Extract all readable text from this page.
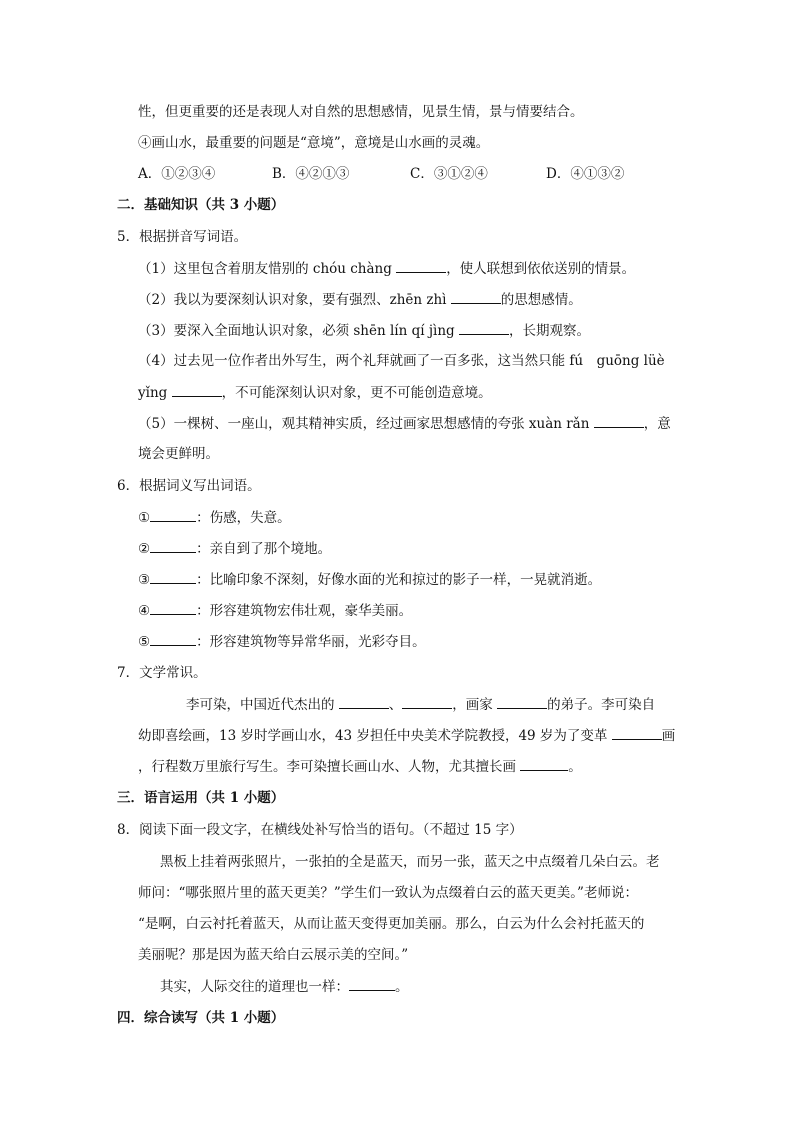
性，但更重要的还是表现人对自然的思想感情，见景生情，景与情要结合。
④画山水，最重要的问题是“意境”，意境是山水画的灵魂。
A．①②③④	B．④②①③	C．③①②④	D．④①③②
二．基础知识（共 3 小题）
5．根据拼音写词语。
（1）这里包含着朋友惜别的 chóu chàng	，使人联想到依依送别的情景。
（2）我以为要深刻认识对象，要有强烈、zhēn zhì	的思想感情。
（3）要深入全面地认识对象，必须 shēn lín qí jìng	，长期观察。
（4）过去见一位作者出外写生，两个礼拜就画了一百多张，这当然只能 fú　guōng lüè
yǐng	，不可能深刻认识对象，更不可能创造意境。
（5）一棵树、一座山，观其精神实质，经过画家思想感情的夸张 xuàn rǎn	，意
境会更鲜明。
6．根据词义写出词语。
①	：伤感，失意。
②	：亲自到了那个境地。
③	：比喻印象不深刻，好像水面的光和掠过的影子一样，一晃就消逝。
④	：形容建筑物宏伟壮观，豪华美丽。
⑤	：形容建筑物等异常华丽，光彩夺目。
7．文学常识。
李可染，中国近代杰出的	、	，画家	的弟子。李可染自
幼即喜绘画，13 岁时学画山水，43 岁担任中央美术学院教授，49 岁为了变革	画
，行程数万里旅行写生。李可染擅长画山水、人物，尤其擅长画	。
三．语言运用（共 1 小题）
8．阅读下面一段文字，在横线处补写恰当的语句。（不超过 15 字）
黑板上挂着两张照片，一张拍的全是蓝天，而另一张，蓝天之中点缀着几朵白云。老
师问：“哪张照片里的蓝天更美？”学生们一致认为点缀着白云的蓝天更美。”老师说：
“是啊，白云衬托着蓝天，从而让蓝天变得更加美丽。那么，白云为什么会衬托蓝天的
美丽呢？那是因为蓝天给白云展示美的空间。”
其实，人际交往的道理也一样：	。
四．综合读写（共 1 小题）
